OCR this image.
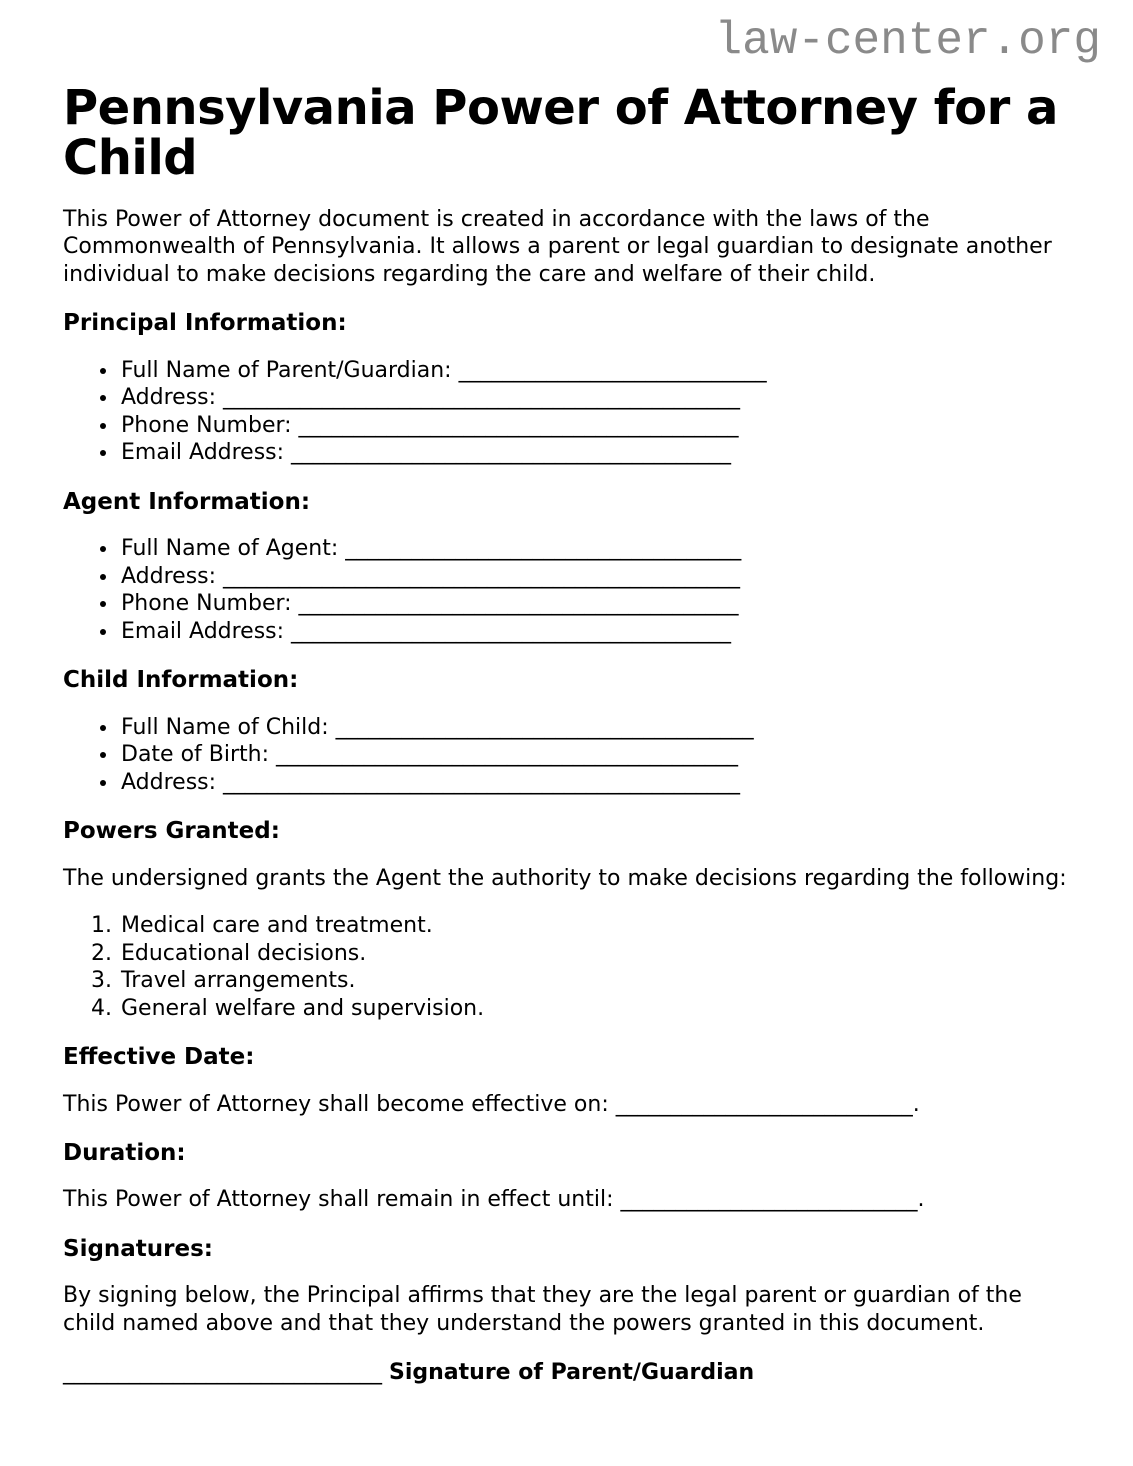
law-center.org
Pennsylvania Power of Attorney for a Child

This Power of Attorney document is created in accordance with the laws of the Commonwealth of Pennsylvania. It allows a parent or legal guardian to designate another individual to make decisions regarding the care and welfare of their child.

Principal Information:
• Full Name of Parent/Guardian: ____________________________
• Address: _______________________________________________
• Phone Number: ________________________________________
• Email Address: ________________________________________
Agent Information:
• Full Name of Agent: ____________________________________
• Address: _______________________________________________
• Phone Number: ________________________________________
• Email Address: ________________________________________
Child Information:
• Full Name of Child: ______________________________________
• Date of Birth: __________________________________________
• Address: _______________________________________________
Powers Granted:

The undersigned grants the Agent the authority to make decisions regarding the following:

1. Medical care and treatment.
2. Educational decisions.
3. Travel arrangements.
4. General welfare and supervision.
Effective Date:

This Power of Attorney shall become effective on: ___________________________.

Duration:

This Power of Attorney shall remain in effect until: ___________________________.

Signatures:

By signing below, the Principal affirms that they are the legal parent or guardian of the child named above and that they understand the powers granted in this document.

_____________________________ Signature of Parent/Guardian
